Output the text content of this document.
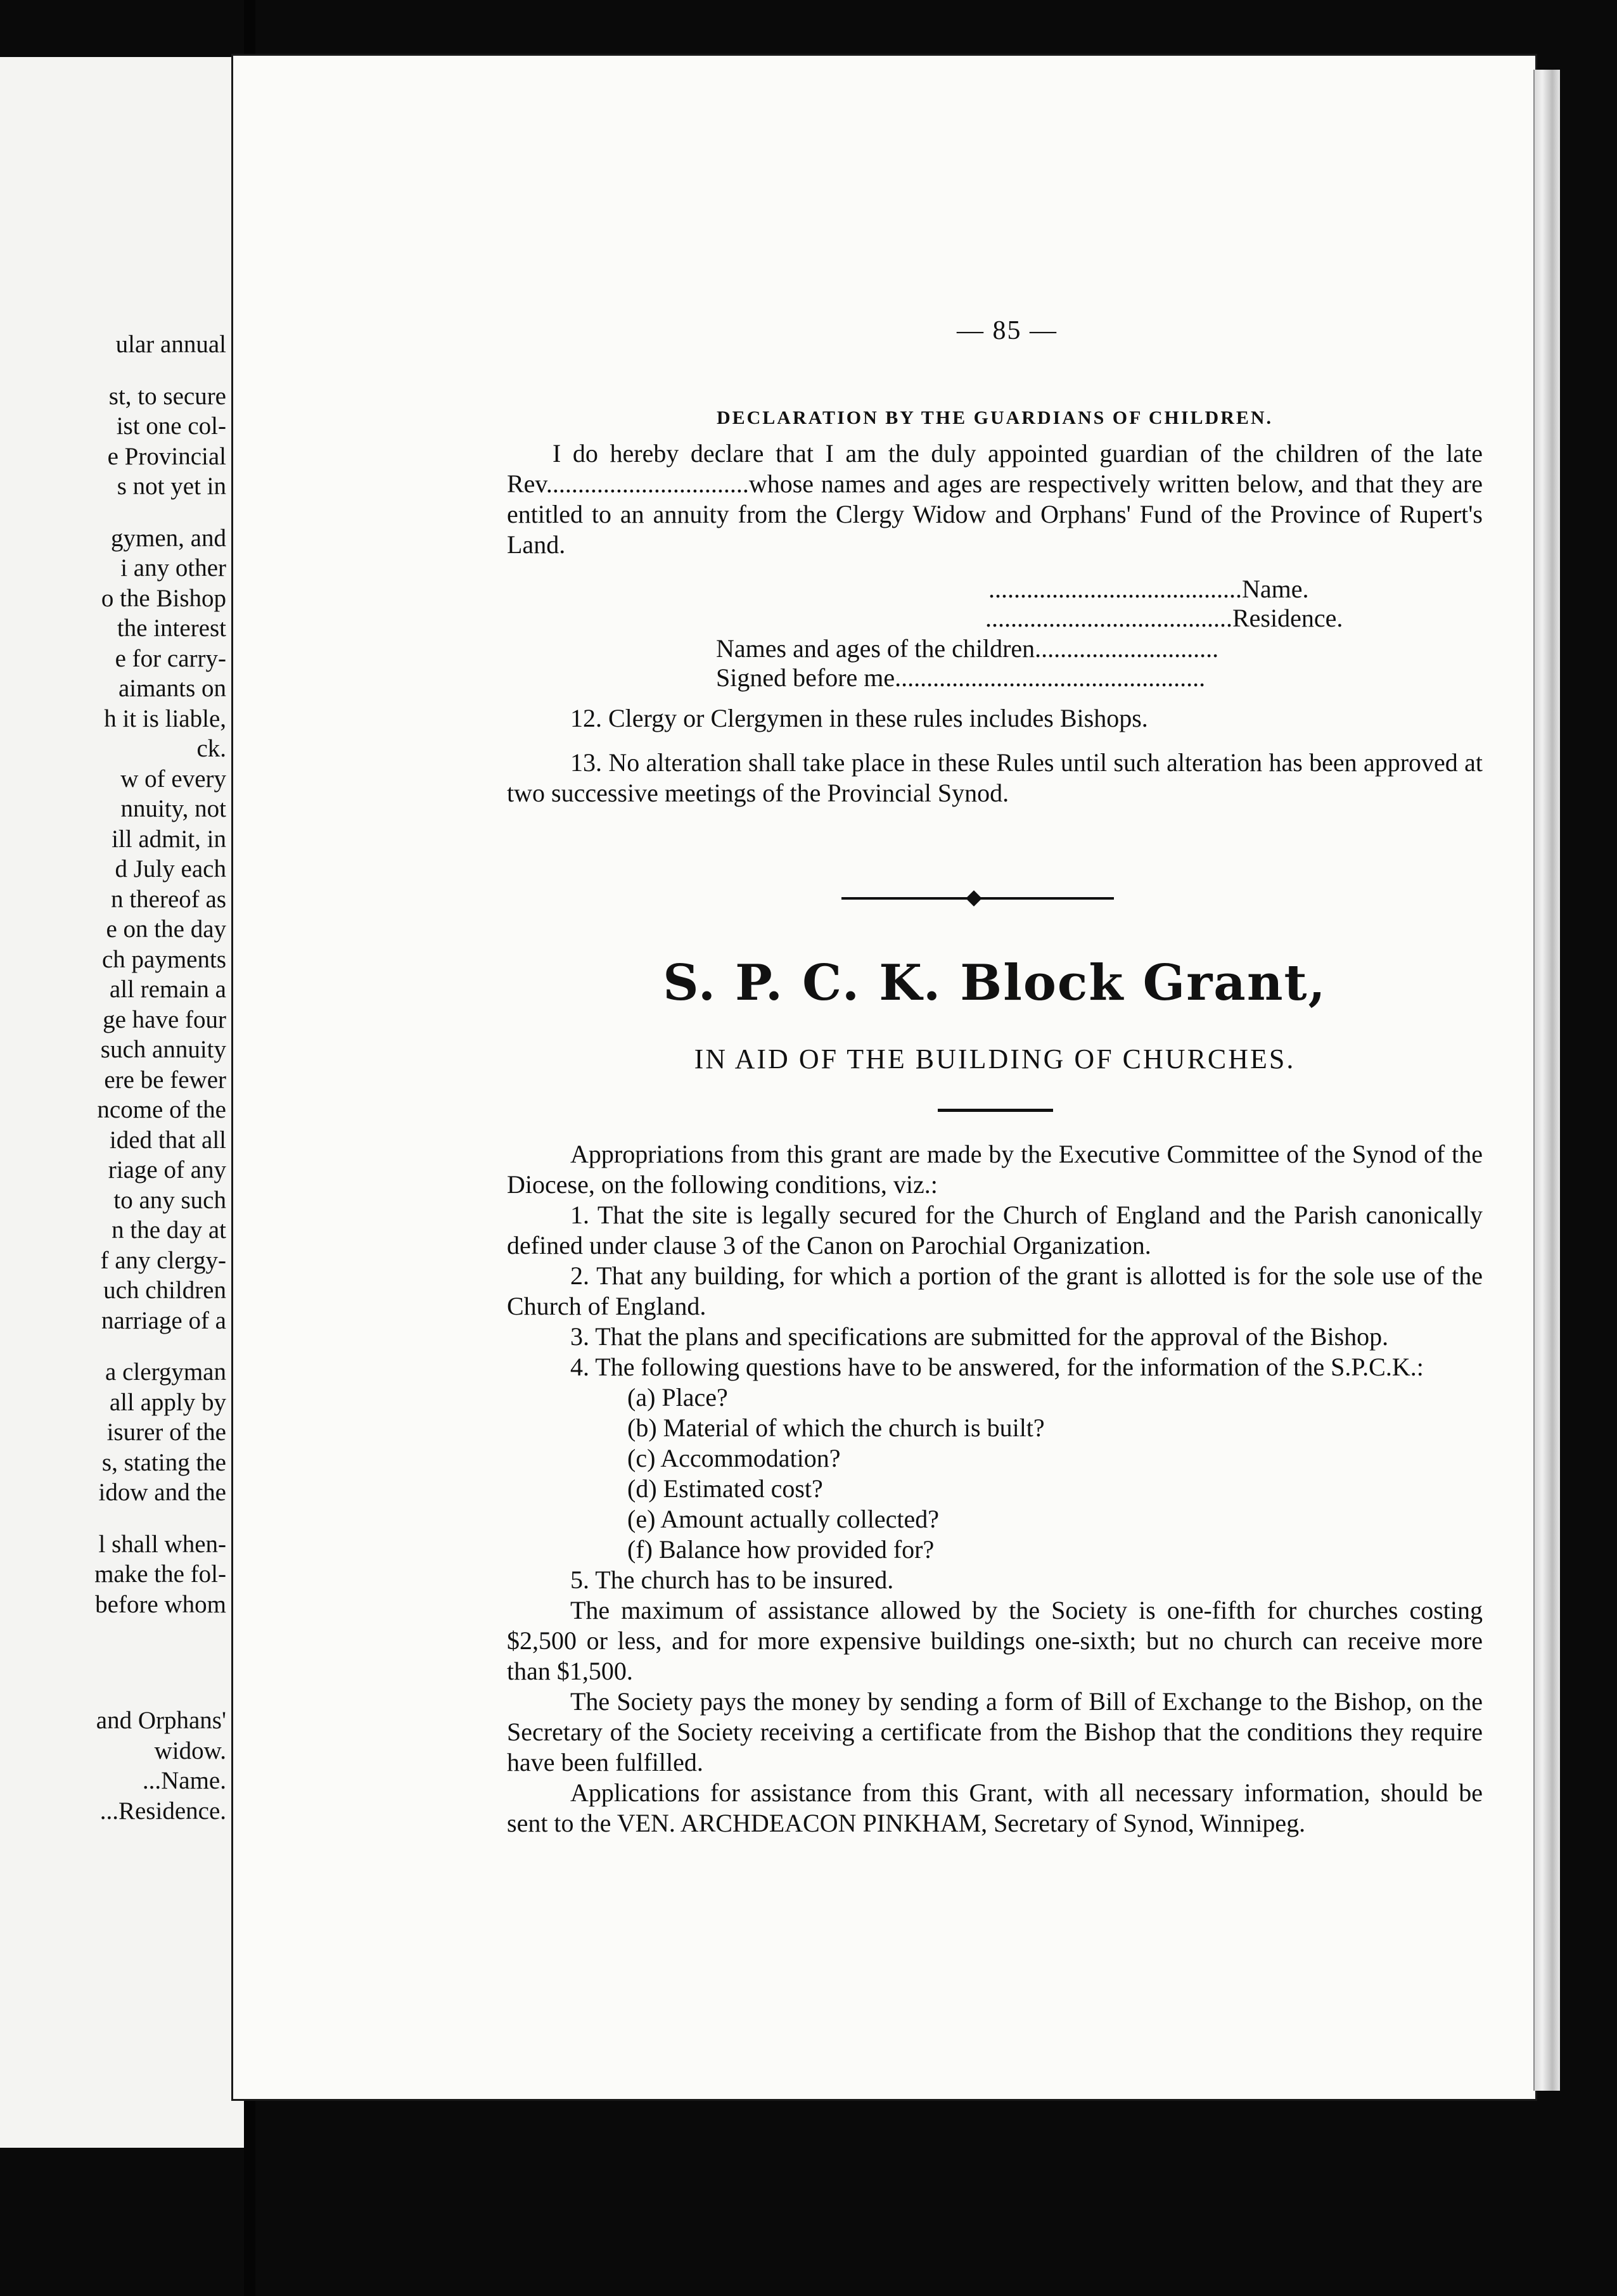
ular annual
st, to secure
ist one col-
e Provincial
s not yet in
gymen, and
i any other
o the Bishop
the interest
e for carry-
aimants on
h it is liable,
ck.
w of every
nnuity, not
ill admit, in
d July each
n thereof as
e on the day
ch payments
all remain a
ge have four
such annuity
ere be fewer
ncome of the
ided that all
riage of any
to any such
n the day at
f any clergy-
uch children
narriage of a
a clergyman
all apply by
isurer of the
s, stating the
idow and the
l shall when-
make the fol-
before whom
and Orphans'
widow.
...Name.
...Residence.
— 85 —
DECLARATION BY THE GUARDIANS OF CHILDREN.

I do hereby declare that I am the duly appointed guardian of the children of the late Rev................................whose names and ages are respectively written below, and that they are entitled to an annuity from the Clergy Widow and Orphans' Fund of the Province of Rupert's Land.

........................................Name.
.......................................Residence.
Names and ages of the children.............................
Signed before me.................................................
12. Clergy or Clergymen in these rules includes Bishops.
13. No alteration shall take place in these Rules until such alteration has been approved at two successive meetings of the Provincial Synod.
S. P. C. K. Block Grant,
IN AID OF THE BUILDING OF CHURCHES.

Appropriations from this grant are made by the Executive Committee of the Synod of the Diocese, on the following conditions, viz.:

1. That the site is legally secured for the Church of England and the Parish canonically defined under clause 3 of the Canon on Parochial Organization.

2. That any building, for which a portion of the grant is allotted is for the sole use of the Church of England.

3. That the plans and specifications are submitted for the approval of the Bishop.

4. The following questions have to be answered, for the information of the S.P.C.K.:

(a) Place?
(b) Material of which the church is built?
(c) Accommodation?
(d) Estimated cost?
(e) Amount actually collected?
(f) Balance how provided for?

5. The church has to be insured.

The maximum of assistance allowed by the Society is one-fifth for churches costing $2,500 or less, and for more expensive buildings one-sixth; but no church can receive more than $1,500.

The Society pays the money by sending a form of Bill of Exchange to the Bishop, on the Secretary of the Society receiving a certificate from the Bishop that the conditions they require have been fulfilled.

Applications for assistance from this Grant, with all necessary information, should be sent to the VEN. ARCHDEACON PINKHAM, Secretary of Synod, Winnipeg.
